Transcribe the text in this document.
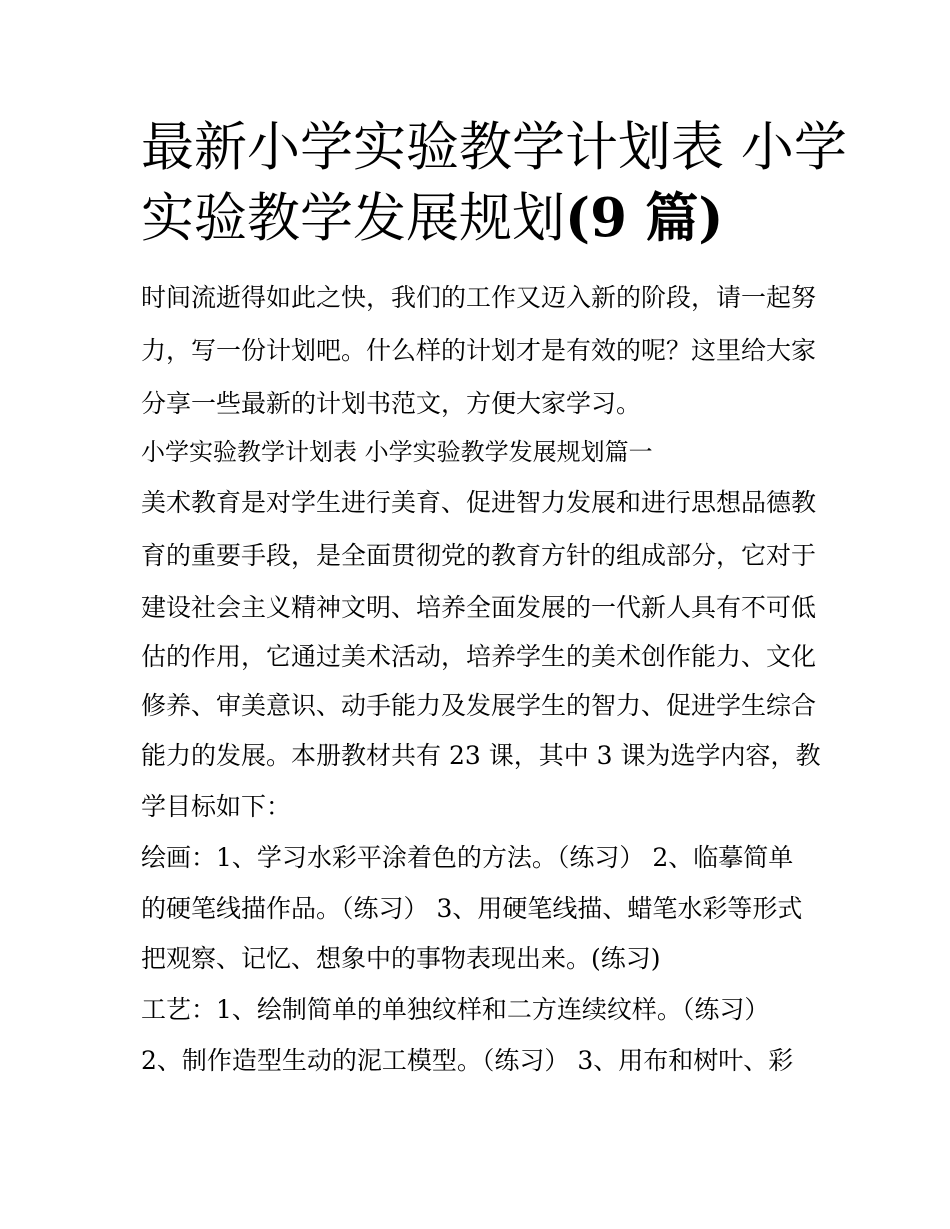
最新小学实验教学计划表 小学
实验教学发展规划(9 篇)
时间流逝得如此之快，我们的工作又迈入新的阶段，请一起努
力，写一份计划吧。什么样的计划才是有效的呢？这里给大家
分享一些最新的计划书范文，方便大家学习。
小学实验教学计划表 小学实验教学发展规划篇一
美术教育是对学生进行美育、促进智力发展和进行思想品德教
育的重要手段，是全面贯彻党的教育方针的组成部分，它对于
建设社会主义精神文明、培养全面发展的一代新人具有不可低
估的作用，它通过美术活动，培养学生的美术创作能力、文化
修养、审美意识、动手能力及发展学生的智力、促进学生综合
能力的发展。本册教材共有 23 课，其中 3 课为选学内容，教
学目标如下：
绘画：1、学习水彩平涂着色的方法。（练习） 2、临摹简单
的硬笔线描作品。（练习） 3、用硬笔线描、蜡笔水彩等形式
把观察、记忆、想象中的事物表现出来。(练习)
工艺：1、绘制简单的单独纹样和二方连续纹样。（练习）
2、制作造型生动的泥工模型。（练习） 3、用布和树叶、彩
